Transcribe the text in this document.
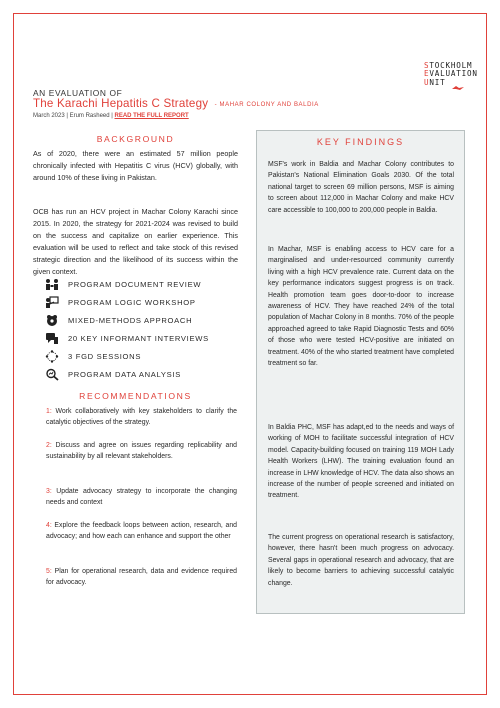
STOCKHOLM
EVALUATION
UNIT
AN EVALUATION OF
The Karachi Hepatitis C Strategy - MAHAR COLONY AND BALDIA
March 2023 | Erum Rasheed | READ THE FULL REPORT
BACKGROUND
As of 2020, there were an estimated 57 million people chronically infected with Hepatitis C virus (HCV) globally, with around 10% of these living in Pakistan.
OCB has run an HCV project in Machar Colony Karachi since 2015. In 2020, the strategy for 2021-2024 was revised to build on the success and capitalize on earlier experience. This evaluation will be used to reflect and take stock of this revised strategic direction and the likelihood of its success within the given context.
PROGRAM DOCUMENT REVIEW
PROGRAM LOGIC WORKSHOP
MIXED-METHODS APPROACH
20 KEY INFORMANT INTERVIEWS
3 FGD SESSIONS
PROGRAM DATA ANALYSIS
RECOMMENDATIONS
1: Work collaboratively with key stakeholders to clarify the catalytic objectives of the strategy.
2: Discuss and agree on issues regarding replicability and sustainability by all relevant stakeholders.
3: Update advocacy strategy to incorporate the changing needs and context
4: Explore the feedback loops between action, research, and advocacy; and how each can enhance and support the other
5: Plan for operational research, data and evidence required for advocacy.
KEY FINDINGS
MSF's work in Baldia and Machar Colony contributes to Pakistan's National Elimination Goals 2030. Of the total national target to screen 69 million persons, MSF is aiming to screen about 112,000 in Machar Colony and make HCV care accessible to 100,000 to 200,000 people in Baldia.
In Machar, MSF is enabling access to HCV care for a marginalised and under-resourced community currently living with a high HCV prevalence rate. Current data on the key performance indicators suggest progress is on track. Health promotion team goes door-to-door to increase awareness of HCV. They have reached 24% of the total population of Machar Colony in 8 months. 70% of the people approached agreed to take Rapid Diagnostic Tests and 60% of those who were tested HCV-positive are initiated on treatment. 40% of the who started treatment have completed treatment so far.
In Baldia PHC, MSF has adapt,ed to the needs and ways of working of MOH to facilitate successful integration of HCV model. Capacity-building focused on training 119 MOH Lady Health Workers (LHW). The training evaluation found an increase in LHW knowledge of HCV. The data also shows an increase of the number of people screened and initiated on treatment.
The current progress on operational research is satisfactory, however, there hasn't been much progress on advocacy. Several gaps in operational research and advocacy, that are likely to become barriers to achieving successful catalytic change.
